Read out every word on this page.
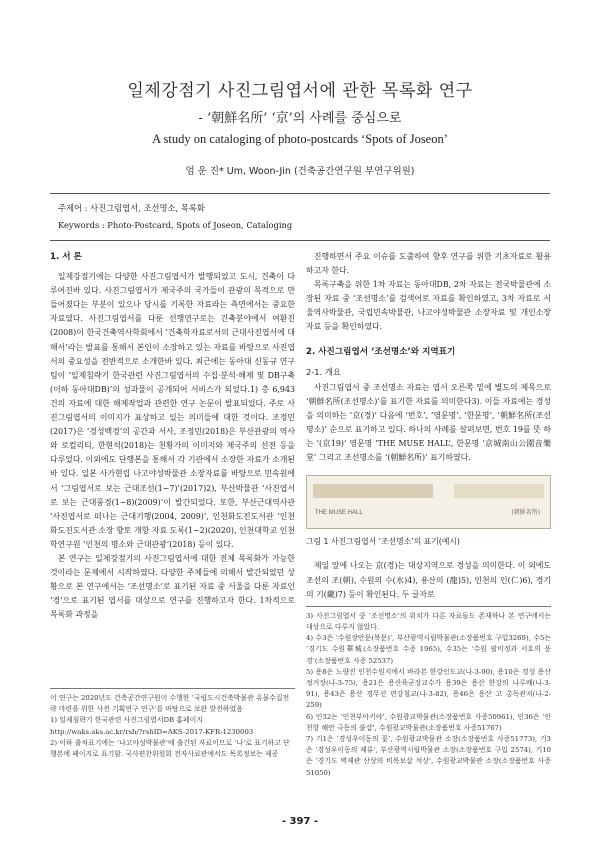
일제강점기 사진그림엽서에 관한 목록화 연구
- ‘朝鮮名所’ ‘京’의 사례를 중심으로
A study on cataloging of photo-postcards ‘Spots of Joseon’
엄 운 진* Um, Woon-Jin (건축공간연구원 부연구위원)
주제어 : 사진그림엽서, 조선명소, 목록화
Keywords : Photo-Postcard, Spots of Joseon, Cataloging
1. 서 론

일제강점기에는 다양한 사진그림엽서가 발행되었고 도시, 건축이 다루어진바 있다. 사진그림엽서가 제국주의 국가들이 관광의 목적으로 만들어졌다는 부분이 있으나 당시를 기록한 자료라는 측면에서는 중요한 자료였다. 사진그림엽서를 다룬 선행연구로는 건축분야에서 여환진(2008)이 한국건축역사학회에서 ‘건축학자료로서의 근대사진엽서에 대해서’라는 발표를 통해서 본인이 소장하고 있는 자료를 바탕으로 사진엽서의 중요성을 전반적으로 소개한바 있다. 최근에는 동아대 신동규 연구팀이 ‘일제침략기 한국관련 사진그림엽서의 수집·분석·해제 및 DB구축(이하 동아대DB)’의 성과물이 공개되어 서비스가 되었다.1) 총 6,943건의 자료에 대한 해제작업과 관련한 연구 논문이 발표되었다. 주로 사진그림엽서의 이미지가 표상하고 있는 의미들에 대한 것이다. 조정민(2017)은 ‘경성백경’의 공간과 서사, 조정민(2018)은 부산관광의 역사와 로컬리티, 한현석(2018)는 천황가의 이미지와 제국주의 선전 등을 다루었다. 이외에도 단행본을 통해서 각 기관에서 소장한 자료가 소개된바 있다. 일본 사가현립 나고야성박물관 소장자료를 바탕으로 민속원에서 ‘그림엽서로 보는 근대조선(1~7)’(2017)2), 부산박물관 ‘사진엽서로 보는 근대풍경(1~8)(2009)’이 발간되었다. 또한, 부산근대역사관 ‘사진엽서로 떠나는 근대기행(2004, 2009)’, 인천화도진도서관 ‘인천화도진도서관 소장 향토 개항 자료 도록(1~2)(2020), 인천대학교 인천학연구원 ‘인천의 명소와 근대관광’(2018) 등이 있다.

본 연구는 일제강점기의 사진그림엽서에 대한 전체 목록화가 가능한 것이라는 문제에서 시작하였다. 다양한 주체들에 의해서 발간되었던 상황으로 본 연구에서는 ‘조선명소’로 표기된 자료 중 서울을 다룬 자료인 ‘경’으로 표기된 엽서를 대상으로 연구를 진행하고자 한다. 1차적으로 목록화 과정을

이 연구는 2020년도 건축공간연구원이 수행한 ‘국립도시건축박물관 유물수집전략 마련을 위한 사전 기획연구 연구’를 바탕으로 보완 발전하였음
1) 일제침략기 한국관련 사진그림엽서DB 홈페이지
http://waks.aks.ac.kr/rsh/?rshID=AKS-2017-KFR-1230003
2) 이하 출처표기에는 ‘나고야성박물관’에 출간된 자료이므로 ‘나’로 표기하고 단행본에 페이지로 표기함. 국사편찬위원회 전자사료관에서도 목록정보는 제공

진행하면서 주요 이슈를 도출하여 향후 연구를 위한 기초자료로 활용하고자 한다.

목록구축을 위한 1차 자료는 동아대DB, 2차 자료는 전국박물관에 소장된 자료 중 ‘조선명소’를 검색어로 자료를 확인하였고, 3차 자료로 서울역사박물관, 국립민속박물관, 나고야성박물관 소장자료 및 개인소장 자료 등을 확인하였다.

2. 사진그림엽서 ‘조선명소’와 지역표기
2-1. 개요

사진그림엽서 중 조선명소 자료는 엽서 오른쪽 밑에 별도의 제목으로 ‘朝鮮名所(조선명소)’를 표기한 자료를 의미한다3). 이들 자료에는 경성을 의미하는 ‘京(경)’ 다음에 ‘번호’, ‘영문명’, ‘한문명’, ‘朝鮮名所(조선명소)’ 순으로 표기하고 있다. 하나의 사례를 살펴보면, 번호 19를 뜻 하는 ‘(京19)’ 영문명 ‘THE MUSE HALL’, 한문명 ‘京城南山公園音樂堂’ 그리고 조선명소를 ‘(朝鮮名所)’ 표기하였다.

THE MUSE HALL	(朝鮮名所)
그림 1 사진그림엽서 ‘조선명소’의 표기(예시)

제일 앞에 나오는 京(경)는 대상지역으로 경성을 의미한다. 이 외에도 조선의 조(朝), 수원의 수(水)4), 용산의 (龍)5), 인천의 인(仁)6), 경기의 기(畿)7) 등이 확인된다. 두 글자로

3) 사진그림엽서 중 ‘조선명소’의 위치가 다른 자료들도 존재하나 본 연구에서는 대상으로 다루지 않았다.
4) 수3은 ‘수원장안문(북문)’, 부산광역시립박물관(소장품번호 구입3269), 수5는 ‘경기도 수원華城(소장품번호 수증 1965), 수35는 ‘수원 팔미정과 서호의 풍경’(소장품번호 사증 52537)
5) 용8은 노량진 인천수원지에서 바라본 한강인도교(나-3-90), 용10은 경성 용산정거장(나-3-75), 용21은 용산육군장교수가 용39은 용산 한강의 나루배(나-3-91), 용43은 용산 경무선 편강철교(나-3-82), 용46은 용산 고 총독관저(나-2-259)
6) 인32는 ‘인천부아키야’, 수원광교박물관(소장품번호 사증50961), 인36은 ‘인천항 해안 극동의 풀샵’, 수원광교박물관(소장품번호 사증51767)
7) 기1은 ‘경성우이동의 꽃’, 수원광교박물관 소장(소장품번호 사증51773), 기3은 ‘경성우이동의 제류’, 부산광역시립박물관 소장(소장품번호 구입 2574), 기10은 ‘경기도 벽제관 산상의 비목보살 석상’, 수원광교박물관 소장(소장품번호 사증 51050)
- 397 -
